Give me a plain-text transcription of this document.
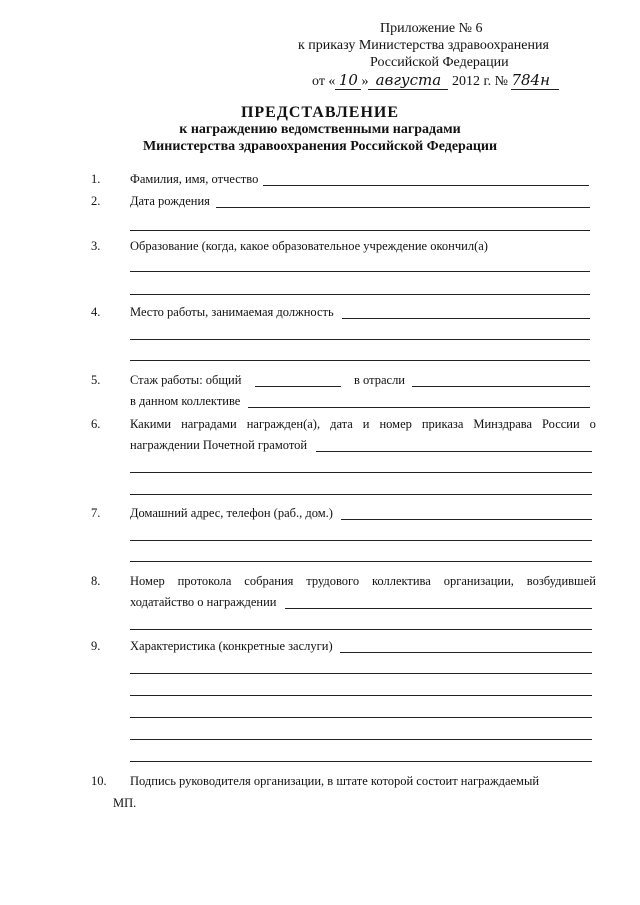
Приложение № 6
к приказу Министерства здравоохранения
Российской Федерации
от « 10 » августа 2012 г. № 784н
ПРЕДСТАВЛЕНИЕ
к награждению ведомственными наградами
Министерства здравоохранения Российской Федерации
1.	Фамилия, имя, отчество
2.	Дата рождения
3.	Образование (когда, какое образовательное учреждение окончил(а)
4.	Место работы, занимаемая должность
5.	Стаж работы: общий	в отрасли
в данном коллективе
6.	Какими наградами награжден(а), дата и номер приказа Минздрава России о
награждении Почетной грамотой
7.	Домашний адрес, телефон (раб., дом.)
8.	Номер протокола собрания трудового коллектива организации, возбудившей
ходатайство о награждении
9.	Характеристика (конкретные заслуги)
10.	Подпись руководителя организации, в штате которой состоит награждаемый
МП.
